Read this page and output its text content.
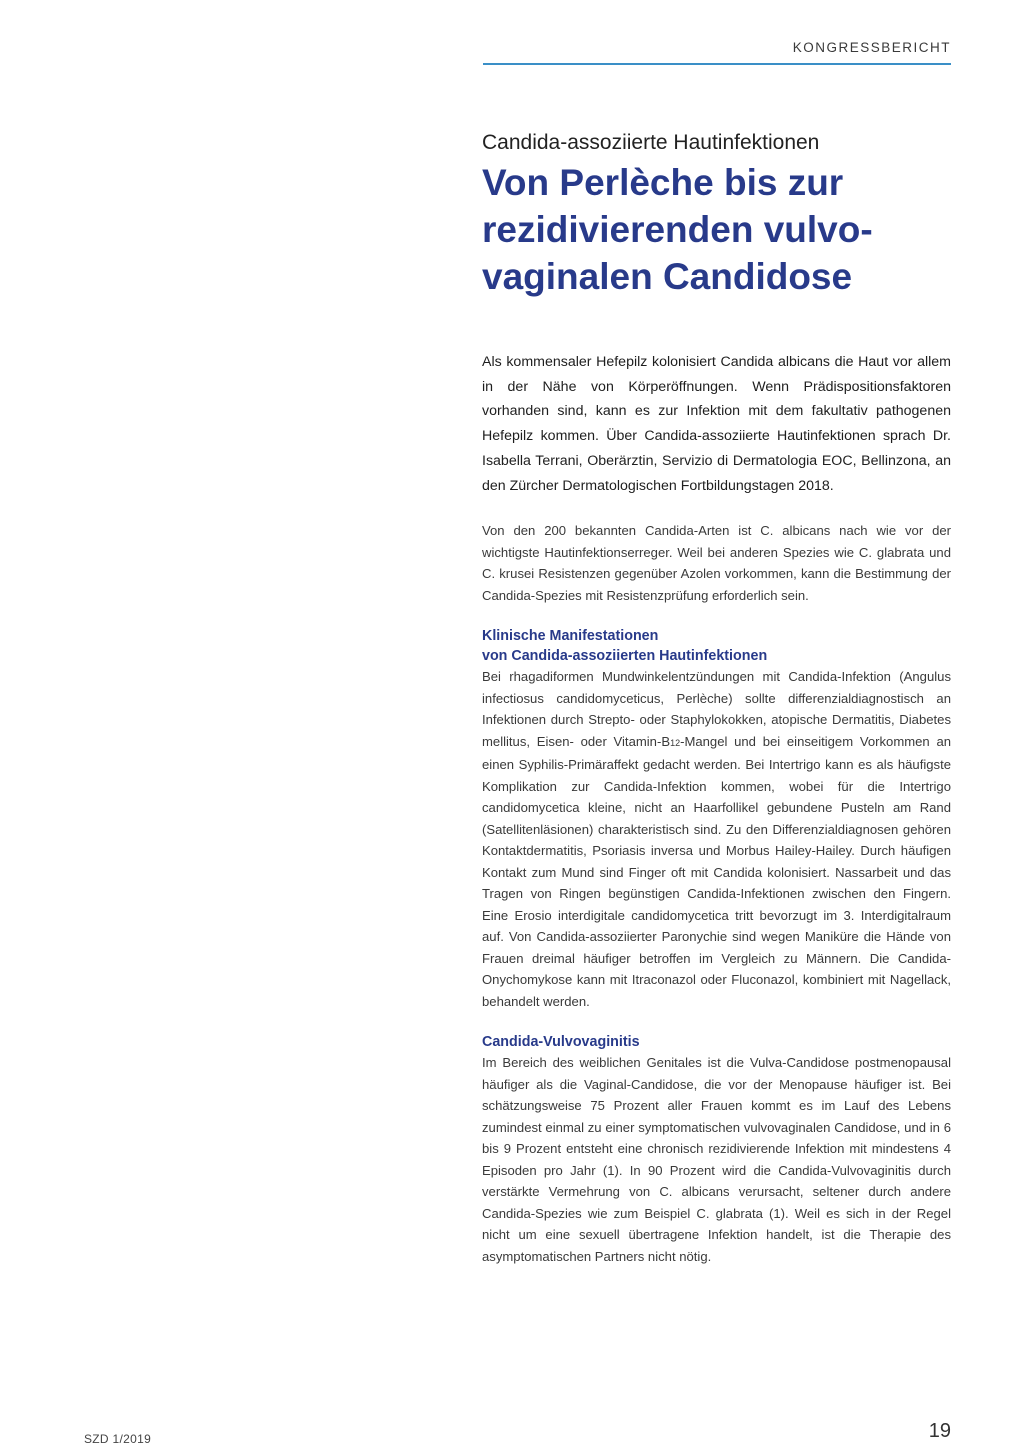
KONGRESSBERICHT

Candida-assoziierte Hautinfektionen

Von Perlèche bis zur
rezidivierenden vulvo-
vaginalen Candidose

Als kommensaler Hefepilz kolonisiert Candida albicans die Haut vor allem in der Nähe von Körperöffnungen. Wenn Prädispositionsfaktoren vorhanden sind, kann es zur Infektion mit dem fakultativ pathogenen Hefepilz kommen. Über Candida-assoziierte Hautinfektionen sprach Dr. Isabella Terrani, Oberärztin, Servizio di Dermatologia EOC, Bellinzona, an den Zürcher Dermatologischen Fortbildungstagen 2018.

Von den 200 bekannten Candida-Arten ist C. albicans nach wie vor der wichtigste Hautinfektionserreger. Weil bei anderen Spezies wie C. glabrata und C. krusei Resistenzen gegenüber Azolen vorkommen, kann die Bestimmung der Candida-Spezies mit Resistenzprüfung erforderlich sein.

Klinische Manifestationen
von Candida-assoziierten Hautinfektionen

Bei rhagadiformen Mundwinkelentzündungen mit Candida-Infektion (Angulus infectiosus candidomyceticus, Perlèche) sollte differenzialdiagnostisch an Infektionen durch Strepto- oder Staphylokokken, atopische Dermatitis, Diabetes mellitus, Eisen- oder Vitamin-B12-Mangel und bei einseitigem Vorkommen an einen Syphilis-Primäraffekt gedacht werden. Bei Intertrigo kann es als häufigste Komplikation zur Candida-Infektion kommen, wobei für die Intertrigo candidomycetica kleine, nicht an Haarfollikel gebundene Pusteln am Rand (Satellitenläsionen) charakteristisch sind. Zu den Differenzialdiagnosen gehören Kontaktdermatitis, Psoriasis inversa und Morbus Hailey-Hailey. Durch häufigen Kontakt zum Mund sind Finger oft mit Candida kolonisiert. Nassarbeit und das Tragen von Ringen begünstigen Candida-Infektionen zwischen den Fingern. Eine Erosio interdigitale candidomycetica tritt bevorzugt im 3. Interdigitalraum auf. Von Candida-assoziierter Paronychie sind wegen Maniküre die Hände von Frauen dreimal häufiger betroffen im Vergleich zu Männern. Die Candida-Onychomykose kann mit Itraconazol oder Fluconazol, kombiniert mit Nagellack, behandelt werden.

Candida-Vulvovaginitis

Im Bereich des weiblichen Genitales ist die Vulva-Candidose postmenopausal häufiger als die Vaginal-Candidose, die vor der Menopause häufiger ist. Bei schätzungsweise 75 Prozent aller Frauen kommt es im Lauf des Lebens zumindest einmal zu einer symptomatischen vulvovaginalen Candidose, und in 6 bis 9 Prozent entsteht eine chronisch rezidivierende Infektion mit mindestens 4 Episoden pro Jahr (1). In 90 Prozent wird die Candida-Vulvovaginitis durch verstärkte Vermehrung von C. albicans verursacht, seltener durch andere Candida-Spezies wie zum Beispiel C. glabrata (1). Weil es sich in der Regel nicht um eine sexuell übertragene Infektion handelt, ist die Therapie des asymptomatischen Partners nicht nötig.

SZD 1/2019	19
